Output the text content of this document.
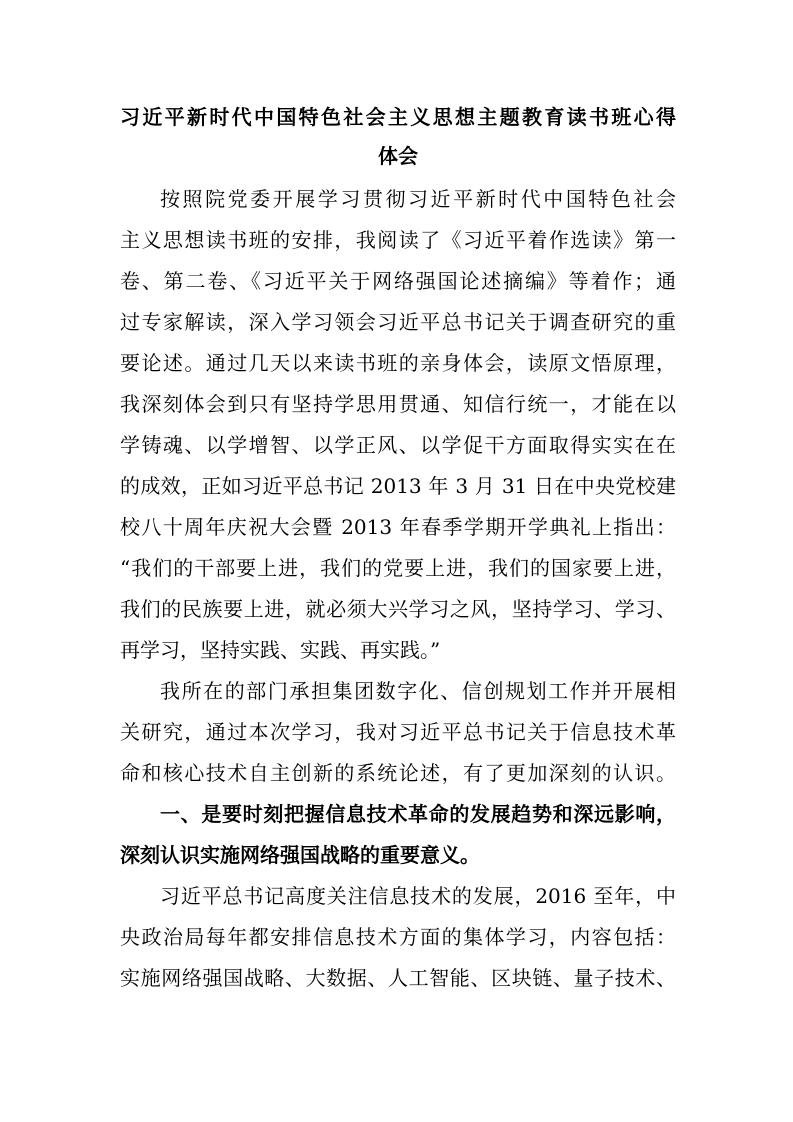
习近平新时代中国特色社会主义思想主题教育读书班心得
体会
按照院党委开展学习贯彻习近平新时代中国特色社会
主义思想读书班的安排，我阅读了《习近平着作选读》第一
卷、第二卷、《习近平关于网络强国论述摘编》等着作；通
过专家解读，深入学习领会习近平总书记关于调查研究的重
要论述。通过几天以来读书班的亲身体会，读原文悟原理，
我深刻体会到只有坚持学思用贯通、知信行统一，才能在以
学铸魂、以学增智、以学正风、以学促干方面取得实实在在
的成效，正如习近平总书记 2013 年 3 月 31 日在中央党校建
校八十周年庆祝大会暨 2013 年春季学期开学典礼上指出：
“我们的干部要上进，我们的党要上进，我们的国家要上进，
我们的民族要上进，就必须大兴学习之风，坚持学习、学习、
再学习，坚持实践、实践、再实践。”
我所在的部门承担集团数字化、信创规划工作并开展相
关研究，通过本次学习，我对习近平总书记关于信息技术革
命和核心技术自主创新的系统论述，有了更加深刻的认识。
一、是要时刻把握信息技术革命的发展趋势和深远影响，
深刻认识实施网络强国战略的重要意义。
习近平总书记高度关注信息技术的发展，2016 至年，中
央政治局每年都安排信息技术方面的集体学习，内容包括：
实施网络强国战略、大数据、人工智能、区块链、量子技术、
